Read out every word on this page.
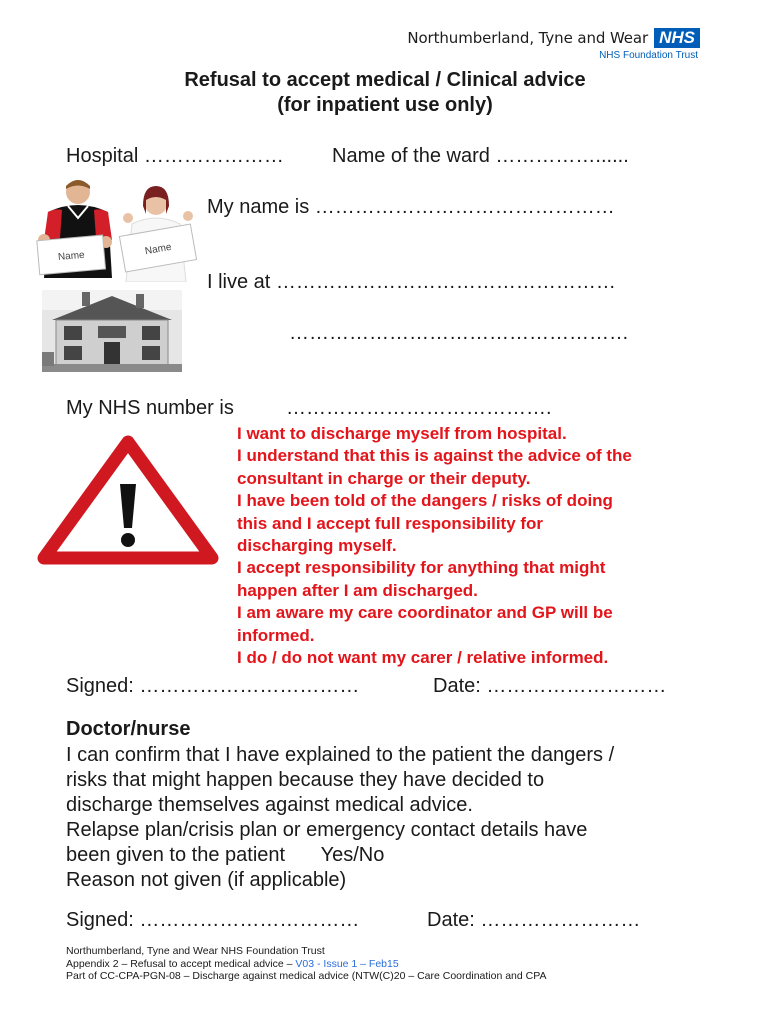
Northumberland, Tyne and Wear NHS
NHS Foundation Trust
Refusal to accept medical / Clinical advice
(for inpatient use only)
Hospital ………………… Name of the ward ……………......
Name	Name
My name is ………………………………………
I live at ……………………………………………
……………………………………………
My NHS number is	………………………………….
I want to discharge myself from hospital.
I understand that this is against the advice of the
consultant in charge or their deputy.
I have been told of the dangers / risks of doing
this and I accept full responsibility for
discharging myself.
I accept responsibility for anything that might
happen after I am discharged.
I am aware my care coordinator and GP will be
informed.
I do / do not want my carer / relative informed.
Signed: ……………………………	Date: ………………………
Doctor/nurse
I can confirm that I have explained to the patient the dangers /
risks that might happen because they have decided to
discharge themselves against medical advice.
Relapse plan/crisis plan or emergency contact details have
been given to the patient Yes/No
Reason not given (if applicable)
Signed: ……………………………	Date: ……………………
Northumberland, Tyne and Wear NHS Foundation Trust
Appendix 2 – Refusal to accept medical advice – V03 - Issue 1 – Feb15
Part of CC-CPA-PGN-08 – Discharge against medical advice (NTW(C)20 – Care Coordination and CPA
